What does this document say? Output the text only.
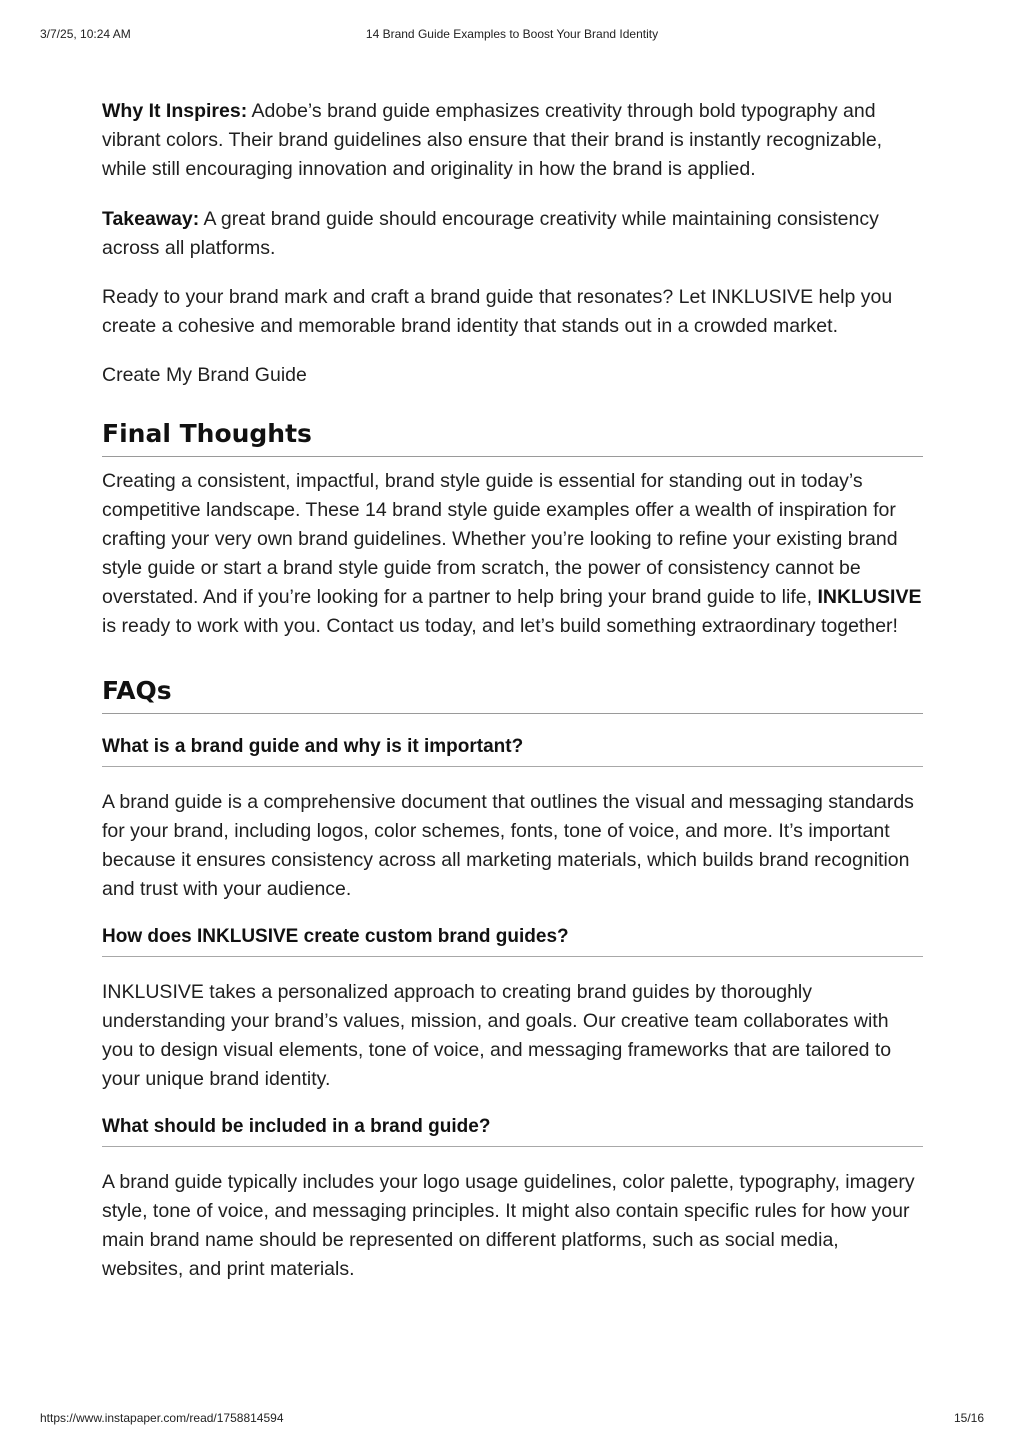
3/7/25, 10:24 AM	14 Brand Guide Examples to Boost Your Brand Identity

Why It Inspires: Adobe’s brand guide emphasizes creativity through bold typography and vibrant colors. Their brand guidelines also ensure that their brand is instantly recognizable, while still encouraging innovation and originality in how the brand is applied.

Takeaway: A great brand guide should encourage creativity while maintaining consistency across all platforms.

Ready to your brand mark and craft a brand guide that resonates? Let INKLUSIVE help you create a cohesive and memorable brand identity that stands out in a crowded market.

Create My Brand Guide

Final Thoughts

Creating a consistent, impactful, brand style guide is essential for standing out in today’s competitive landscape. These 14 brand style guide examples offer a wealth of inspiration for crafting your very own brand guidelines. Whether you’re looking to refine your existing brand style guide or start a brand style guide from scratch, the power of consistency cannot be overstated. And if you’re looking for a partner to help bring your brand guide to life, INKLUSIVE is ready to work with you. Contact us today, and let’s build something extraordinary together!

FAQs
What is a brand guide and why is it important?

A brand guide is a comprehensive document that outlines the visual and messaging standards for your brand, including logos, color schemes, fonts, tone of voice, and more. It’s important because it ensures consistency across all marketing materials, which builds brand recognition and trust with your audience.

How does INKLUSIVE create custom brand guides?

INKLUSIVE takes a personalized approach to creating brand guides by thoroughly understanding your brand’s values, mission, and goals. Our creative team collaborates with you to design visual elements, tone of voice, and messaging frameworks that are tailored to your unique brand identity.

What should be included in a brand guide?

A brand guide typically includes your logo usage guidelines, color palette, typography, imagery style, tone of voice, and messaging principles. It might also contain specific rules for how your main brand name should be represented on different platforms, such as social media, websites, and print materials.

https://www.instapaper.com/read/1758814594	15/16
